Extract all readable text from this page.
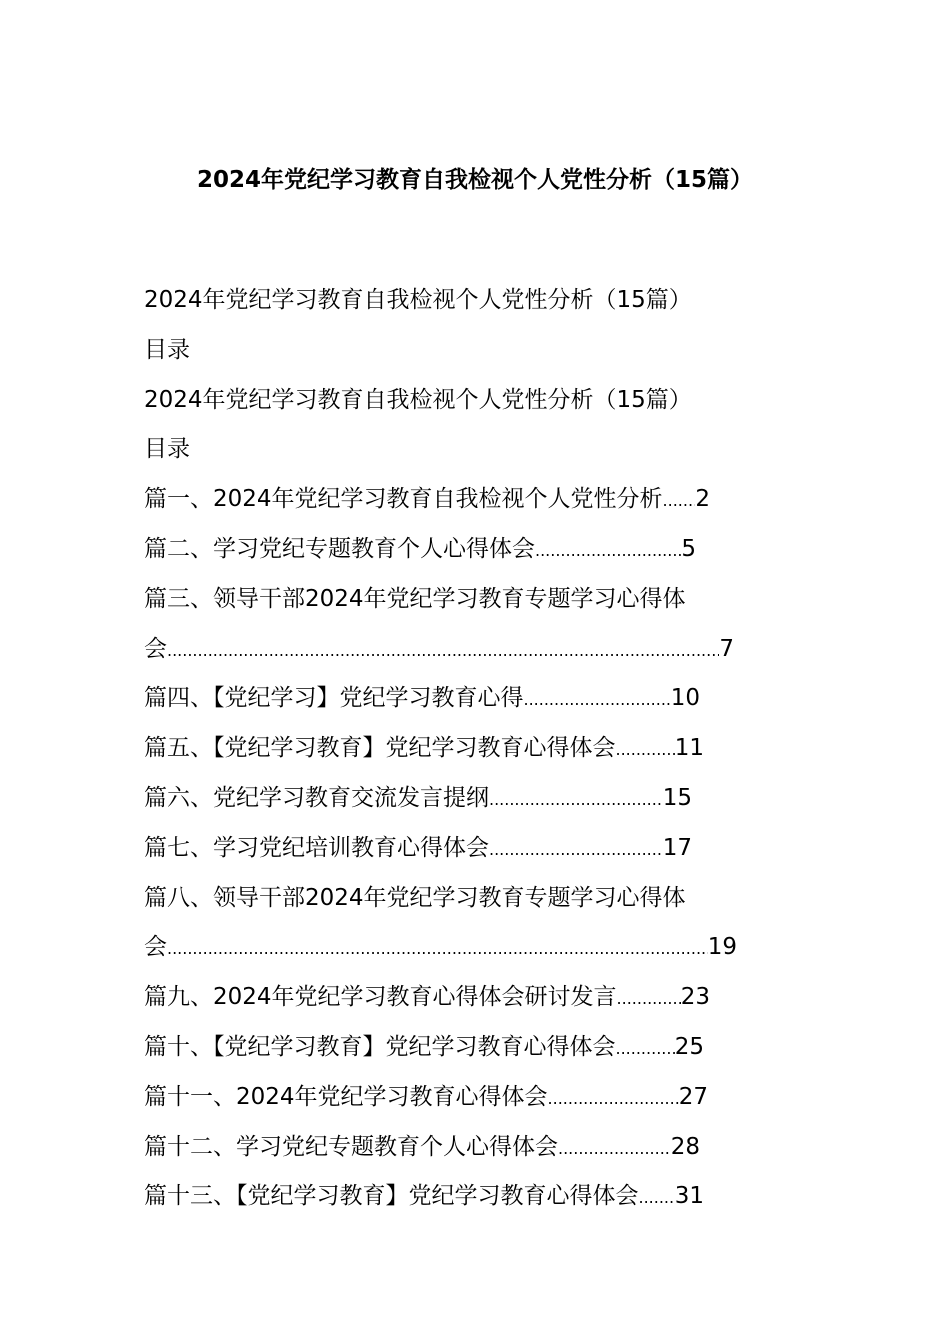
2024年党纪学习教育自我检视个人党性分析（15篇）
2024年党纪学习教育自我检视个人党性分析（15篇）
目录
2024年党纪学习教育自我检视个人党性分析（15篇）
目录
篇一、2024年党纪学习教育自我检视个人党性分析 ..... 2
篇二、学习党纪专题教育个人心得体会 .....	5
篇三、领导干部2024年党纪学习教育专题学习心得体
会 .....	7
篇四、【党纪学习】党纪学习教育心得 .....	10
篇五、【党纪学习教育】党纪学习教育心得体会 .....	11
篇六、党纪学习教育交流发言提纲 .....	15
篇七、学习党纪培训教育心得体会 .....	17
篇八、领导干部2024年党纪学习教育专题学习心得体
会 .....	19
篇九、2024年党纪学习教育心得体会研讨发言 .....	23
篇十、【党纪学习教育】党纪学习教育心得体会 .....	25
篇十一、2024年党纪学习教育心得体会 .....	27
篇十二、学习党纪专题教育个人心得体会 .....	28
篇十三、【党纪学习教育】党纪学习教育心得体会 ..... 31
